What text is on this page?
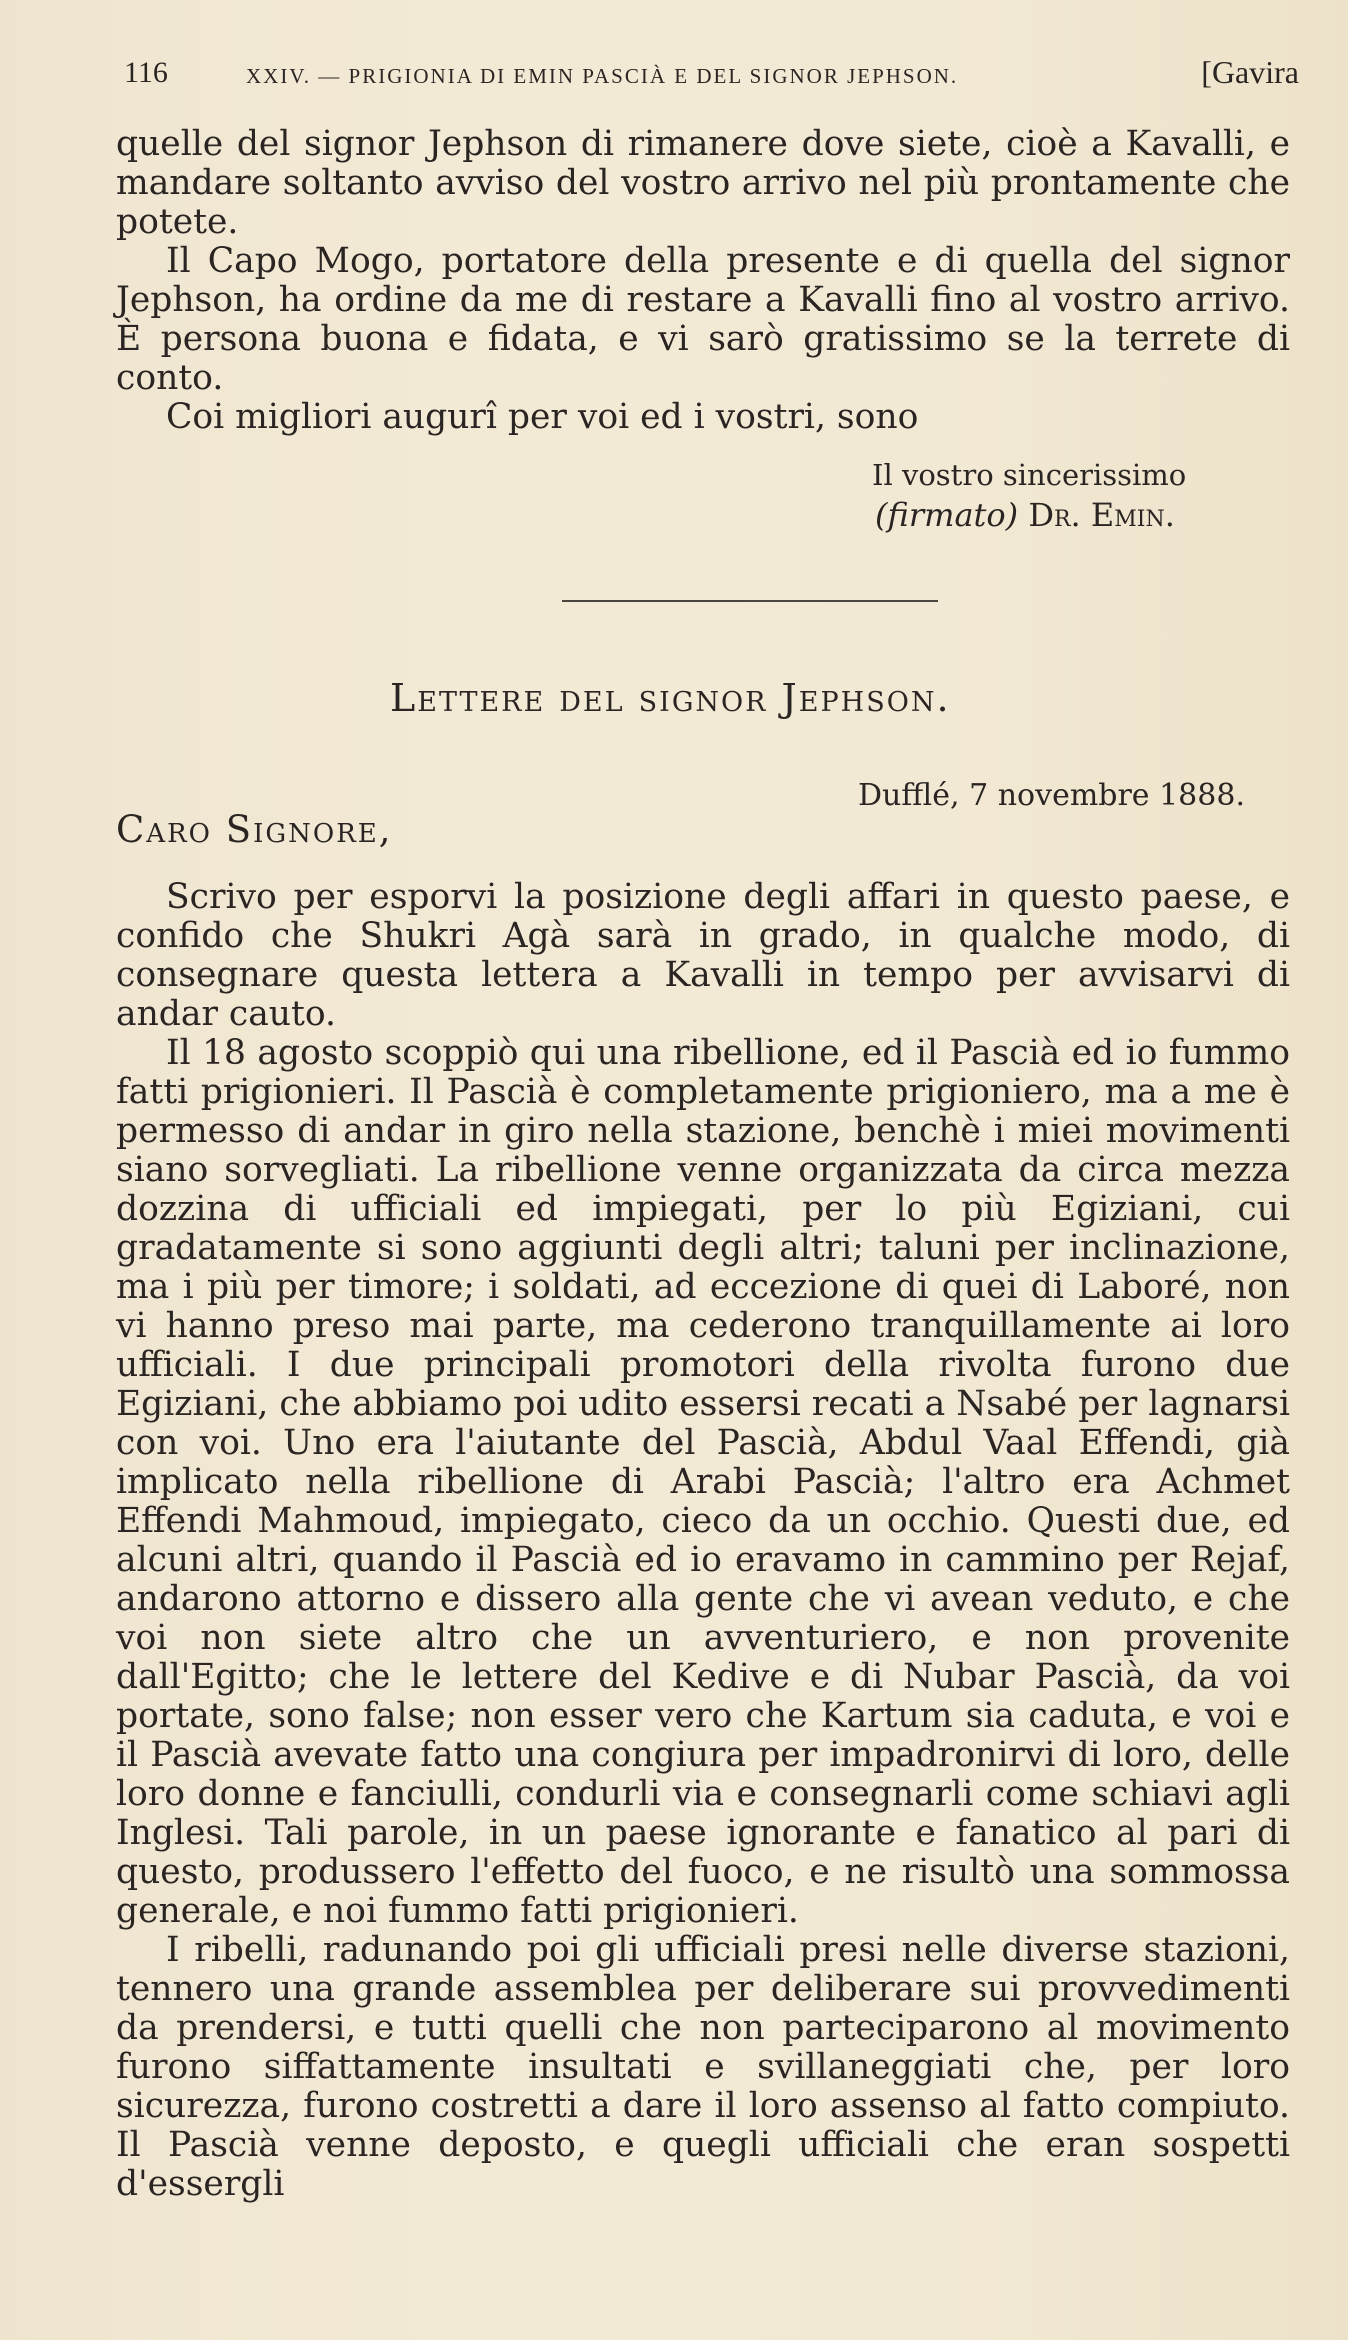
116	XXIV. — PRIGIONIA DI EMIN PASCIÀ E DEL SIGNOR JEPHSON.	[Gavira

quelle del signor Jephson di rimanere dove siete, cioè a Kavalli, e mandare soltanto avviso del vostro arrivo nel più prontamente che potete.

Il Capo Mogo, portatore della presente e di quella del signor Jephson, ha ordine da me di restare a Kavalli fino al vostro arrivo. È persona buona e fidata, e vi sarò gratissimo se la terrete di conto.

Coi migliori augurî per voi ed i vostri, sono

Il vostro sincerissimo
(firmato) Dr. Emin.
Lettere del signor Jephson.
Dufflé, 7 novembre 1888.
Caro Signore,

Scrivo per esporvi la posizione degli affari in questo paese, e confido che Shukri Agà sarà in grado, in qualche modo, di consegnare questa lettera a Kavalli in tempo per avvisarvi di andar cauto.

Il 18 agosto scoppiò qui una ribellione, ed il Pascià ed io fummo fatti prigionieri. Il Pascià è completamente prigioniero, ma a me è permesso di andar in giro nella stazione, benchè i miei movimenti siano sorvegliati. La ribellione venne organizzata da circa mezza dozzina di ufficiali ed impiegati, per lo più Egiziani, cui gradatamente si sono aggiunti degli altri; taluni per inclinazione, ma i più per timore; i soldati, ad eccezione di quei di Laboré, non vi hanno preso mai parte, ma cederono tranquillamente ai loro ufficiali. I due principali promotori della rivolta furono due Egiziani, che abbiamo poi udito essersi recati a Nsabé per lagnarsi con voi. Uno era l'aiutante del Pascià, Abdul Vaal Effendi, già implicato nella ribellione di Arabi Pascià; l'altro era Achmet Effendi Mahmoud, impiegato, cieco da un occhio. Questi due, ed alcuni altri, quando il Pascià ed io eravamo in cammino per Rejaf, andarono attorno e dissero alla gente che vi avean veduto, e che voi non siete altro che un avventuriero, e non provenite dall'Egitto; che le lettere del Kedive e di Nubar Pascià, da voi portate, sono false; non esser vero che Kartum sia caduta, e voi e il Pascià avevate fatto una congiura per impadronirvi di loro, delle loro donne e fanciulli, condurli via e consegnarli come schiavi agli Inglesi. Tali parole, in un paese ignorante e fanatico al pari di questo, produssero l'effetto del fuoco, e ne risultò una sommossa generale, e noi fummo fatti prigionieri.

I ribelli, radunando poi gli ufficiali presi nelle diverse stazioni, tennero una grande assemblea per deliberare sui provvedimenti da prendersi, e tutti quelli che non parteciparono al movimento furono siffattamente insultati e svillaneggiati che, per loro sicurezza, furono costretti a dare il loro assenso al fatto compiuto. Il Pascià venne deposto, e quegli ufficiali che eran sospetti d'essergli
